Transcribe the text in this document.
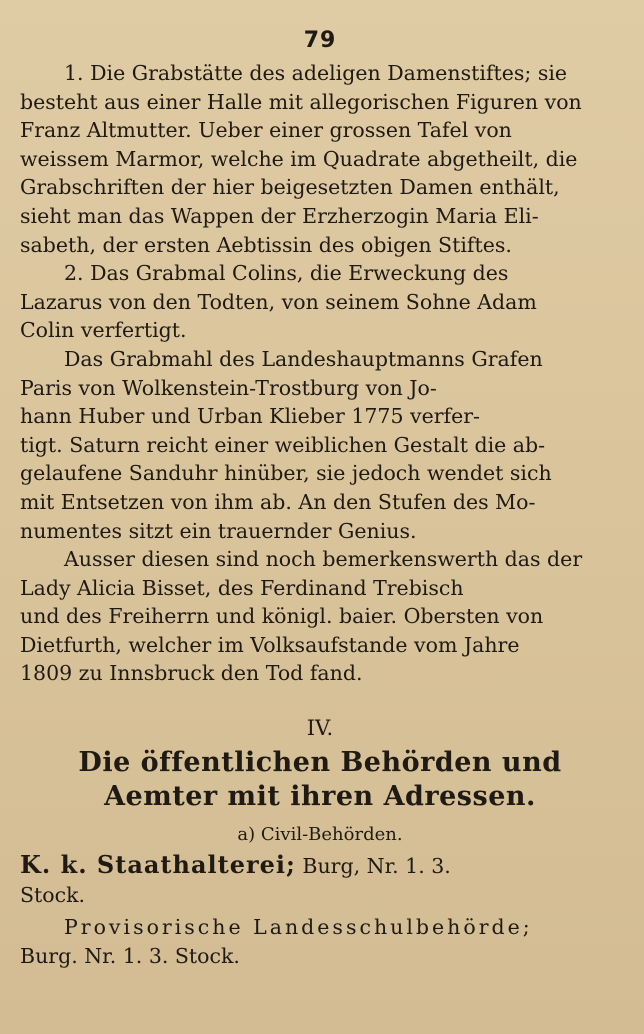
79

1. Die Grabstätte des adeligen Damenstiftes; sie

besteht aus einer Halle mit allegorischen Figuren von

Franz Altmutter. Ueber einer grossen Tafel von

weissem Marmor, welche im Quadrate abgetheilt, die

Grabschriften der hier beigesetzten Damen enthält,

sieht man das Wappen der Erzherzogin Maria Eli-

sabeth, der ersten Aebtissin des obigen Stiftes.

2. Das Grabmal Colins, die Erweckung des

Lazarus von den Todten, von seinem Sohne Adam

Colin verfertigt.

Das Grabmahl des Landeshauptmanns Grafen

Paris von Wolkenstein-Trostburg von Jo-

hann Huber und Urban Klieber 1775 verfer-

tigt. Saturn reicht einer weiblichen Gestalt die ab-

gelaufene Sanduhr hinüber, sie jedoch wendet sich

mit Entsetzen von ihm ab. An den Stufen des Mo-

numentes sitzt ein trauernder Genius.

Ausser diesen sind noch bemerkenswerth das der

Lady Alicia Bisset, des Ferdinand Trebisch

und des Freiherrn und königl. baier. Obersten von

Dietfurth, welcher im Volksaufstande vom Jahre

1809 zu Innsbruck den Tod fand.

IV.

Die öffentlichen Behörden und

Aemter mit ihren Adressen.

a) Civil-Behörden.

K. k. Staathalterei; Burg, Nr. 1. 3.

Stock.

Provisorische Landesschulbehörde;

Burg. Nr. 1. 3. Stock.
